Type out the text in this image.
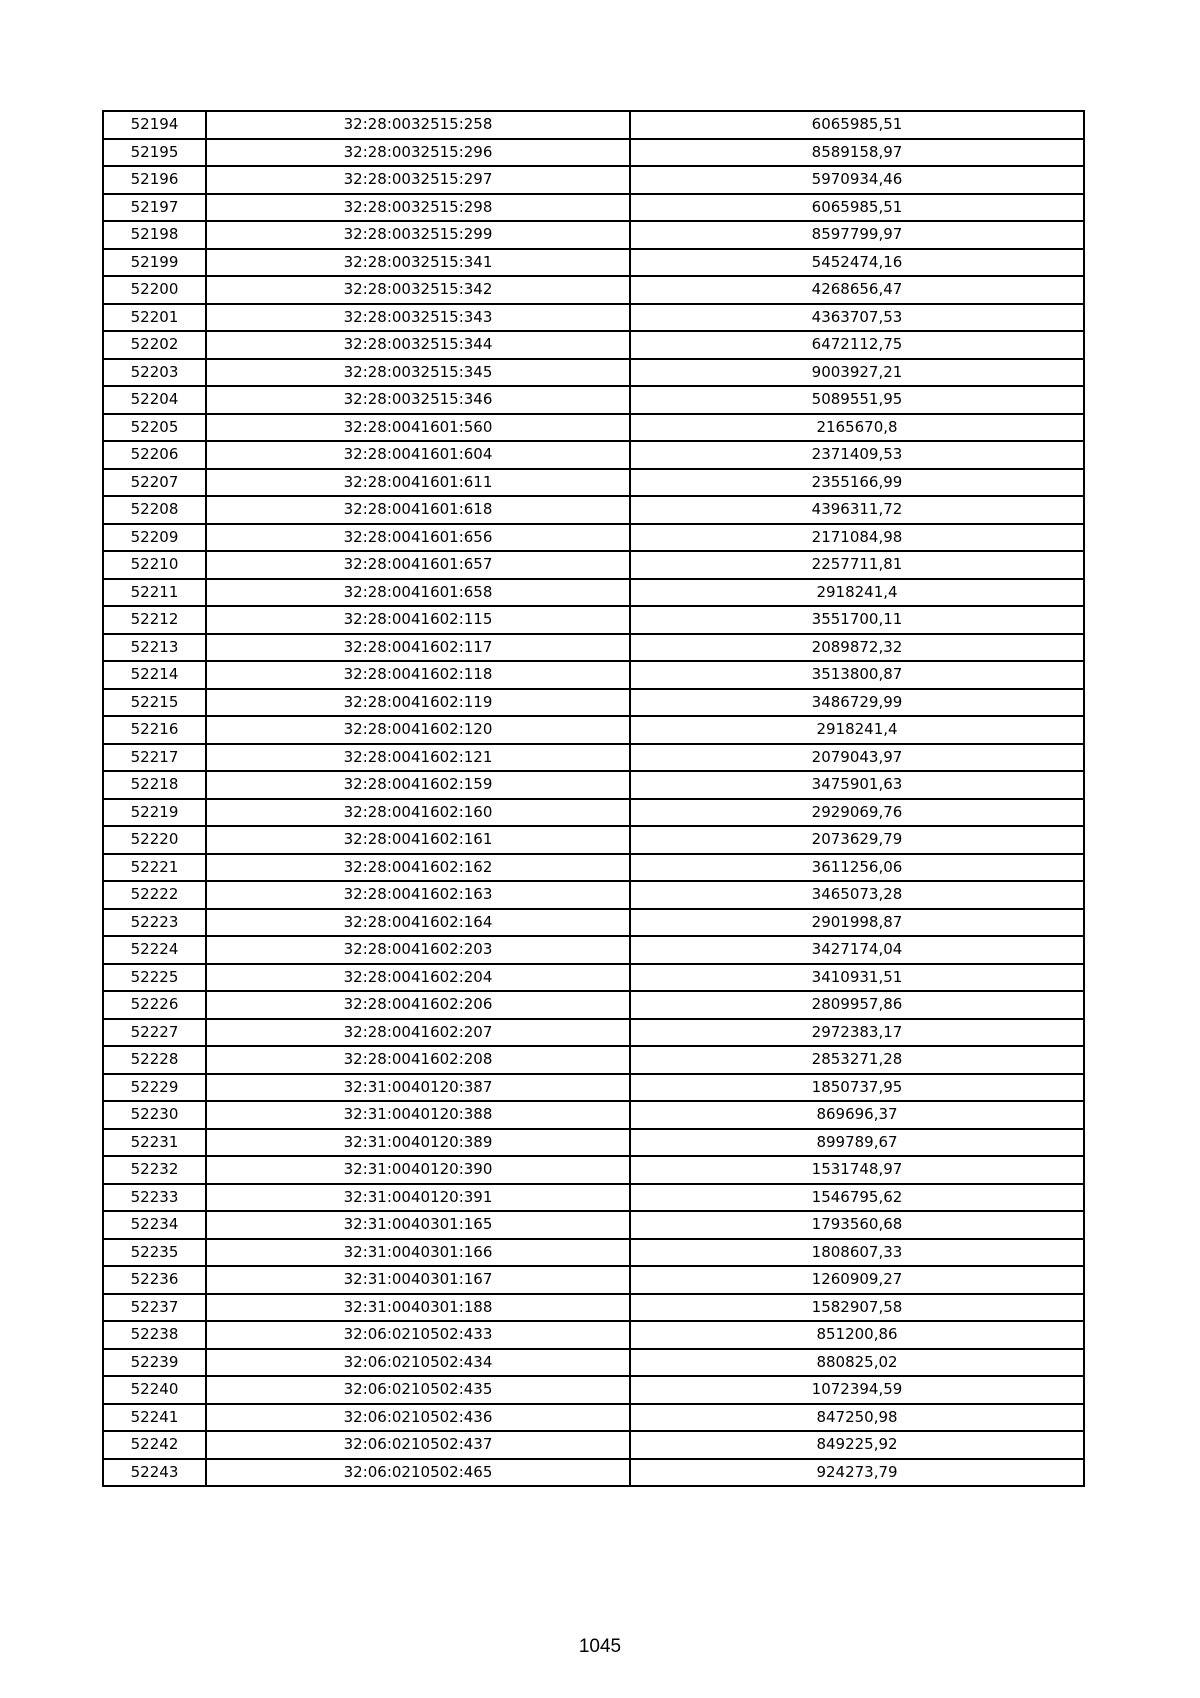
52194	32:28:0032515:258	6065985,51
52195	32:28:0032515:296	8589158,97
52196	32:28:0032515:297	5970934,46
52197	32:28:0032515:298	6065985,51
52198	32:28:0032515:299	8597799,97
52199	32:28:0032515:341	5452474,16
52200	32:28:0032515:342	4268656,47
52201	32:28:0032515:343	4363707,53
52202	32:28:0032515:344	6472112,75
52203	32:28:0032515:345	9003927,21
52204	32:28:0032515:346	5089551,95
52205	32:28:0041601:560	2165670,8
52206	32:28:0041601:604	2371409,53
52207	32:28:0041601:611	2355166,99
52208	32:28:0041601:618	4396311,72
52209	32:28:0041601:656	2171084,98
52210	32:28:0041601:657	2257711,81
52211	32:28:0041601:658	2918241,4
52212	32:28:0041602:115	3551700,11
52213	32:28:0041602:117	2089872,32
52214	32:28:0041602:118	3513800,87
52215	32:28:0041602:119	3486729,99
52216	32:28:0041602:120	2918241,4
52217	32:28:0041602:121	2079043,97
52218	32:28:0041602:159	3475901,63
52219	32:28:0041602:160	2929069,76
52220	32:28:0041602:161	2073629,79
52221	32:28:0041602:162	3611256,06
52222	32:28:0041602:163	3465073,28
52223	32:28:0041602:164	2901998,87
52224	32:28:0041602:203	3427174,04
52225	32:28:0041602:204	3410931,51
52226	32:28:0041602:206	2809957,86
52227	32:28:0041602:207	2972383,17
52228	32:28:0041602:208	2853271,28
52229	32:31:0040120:387	1850737,95
52230	32:31:0040120:388	869696,37
52231	32:31:0040120:389	899789,67
52232	32:31:0040120:390	1531748,97
52233	32:31:0040120:391	1546795,62
52234	32:31:0040301:165	1793560,68
52235	32:31:0040301:166	1808607,33
52236	32:31:0040301:167	1260909,27
52237	32:31:0040301:188	1582907,58
52238	32:06:0210502:433	851200,86
52239	32:06:0210502:434	880825,02
52240	32:06:0210502:435	1072394,59
52241	32:06:0210502:436	847250,98
52242	32:06:0210502:437	849225,92
52243	32:06:0210502:465	924273,79
1045
